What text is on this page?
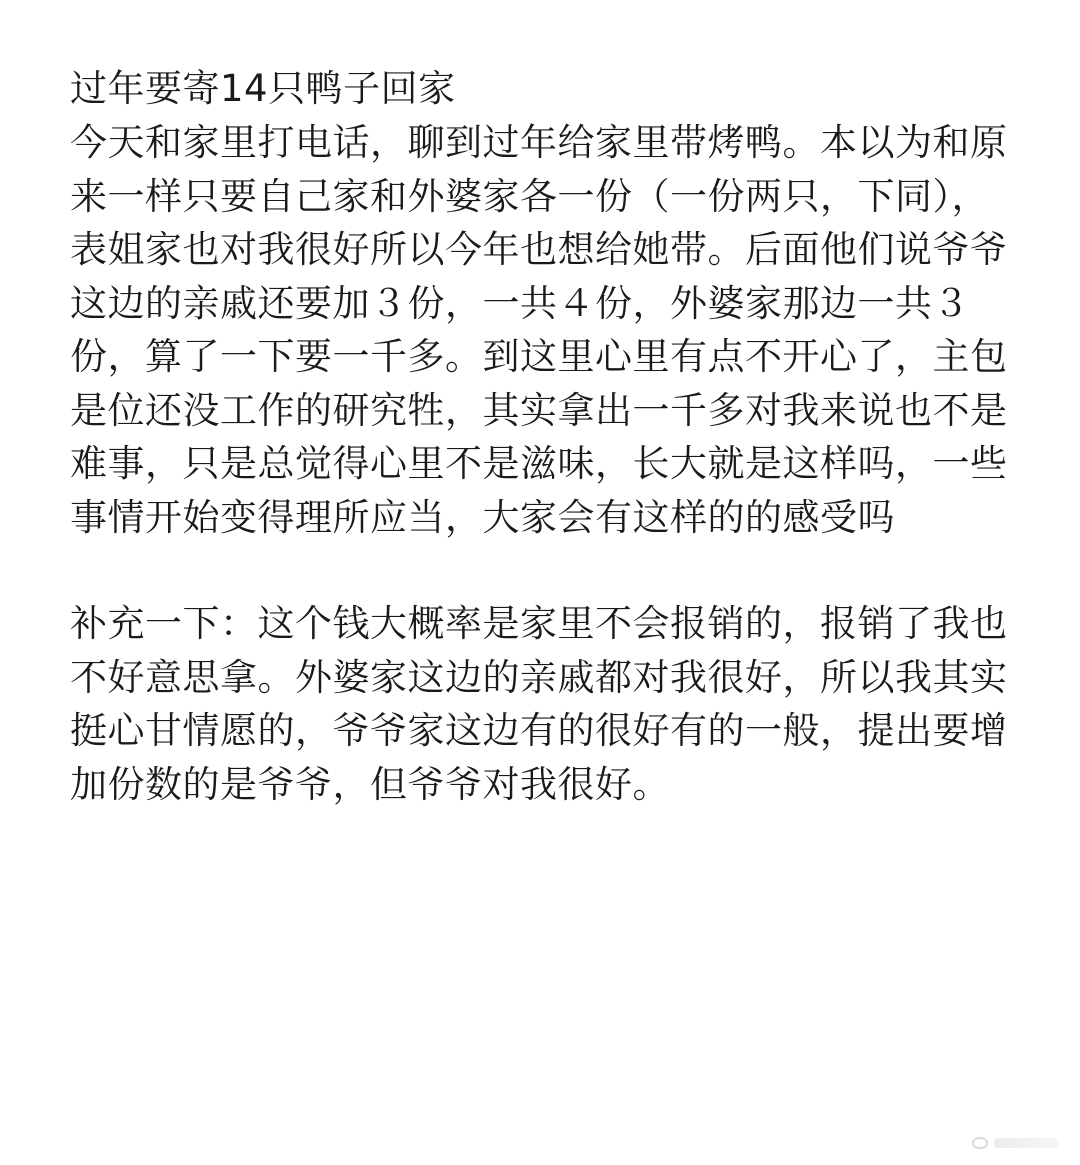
过年要寄14只鸭子回家

今天和家里打电话，聊到过年给家里带烤鸭。本以为和原来一样只要自己家和外婆家各一份（一份两只，下同），表姐家也对我很好所以今年也想给她带。后面他们说爷爷这边的亲戚还要加３份，一共４份，外婆家那边一共３份，算了一下要一千多。到这里心里有点不开心了，主包是位还没工作的研究牲，其实拿出一千多对我来说也不是难事，只是总觉得心里不是滋味，长大就是这样吗，一些事情开始变得理所应当，大家会有这样的的感受吗

补充一下：这个钱大概率是家里不会报销的，报销了我也不好意思拿。外婆家这边的亲戚都对我很好，所以我其实挺心甘情愿的，爷爷家这边有的很好有的一般，提出要增加份数的是爷爷，但爷爷对我很好。
